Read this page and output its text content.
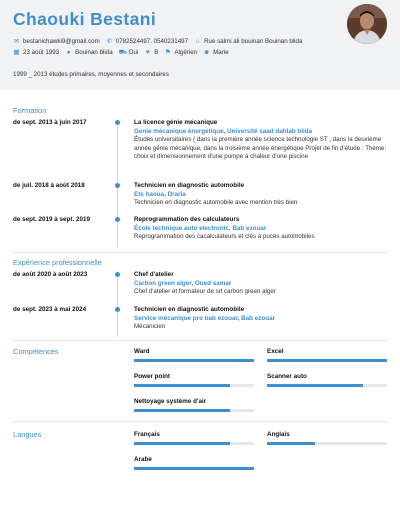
Chaouki Bestani
✉ bestanichawki9@gmail.com ✆ 0782524497. 0540231497 ⌂ Rue salmi ali bouinan Bouinan blida
▦ 23 août 1993 ● Bouinan blida ⛟ Oui ♥ B ⚑ Algérien ☻ Marie
1999 _ 2013 études primaires, moyennes et secondaires
Formation
de sept. 2013 à juin 2017	La licence génie mécanique
Genie mécanique énergétique, Université saad dahlab blida
Études universitaires ( dans la première année science technologie ST , dans la deuxième année génie mécanique, dans la troisième année énergétique Projet de fin d'étude : Thème: choix et dimensionnement d'une pompe à chaleur d'une piscine
de juil. 2018 à août 2018	Technicien en diagnostic automobile
Ets haoua, Draria
Technicien en diagnostic automobile avec mention très bien
de sept. 2019 à sept. 2019	Reprogrammation des calculateurs
École technique auto electronic, Bab ezouar
Reprogrammation des cacalculateurs et clés à puces automobiles
Expérience professionnelle
de août 2020 à août 2023	Chef d'atelier
Carbon green alger, Oued samar
Chef d'atelier et formateur de srl carbon green alger
de sept. 2023 à mai 2024	Technicien en diagnostic automobile
Service mécanique pro bab ezouar, Bab ezouar
Mécanicien
Compétences	Ward	Excel
Power point	Scanner auto
Nettoyage système d'air
Langues	Français	Anglais
Arabe
